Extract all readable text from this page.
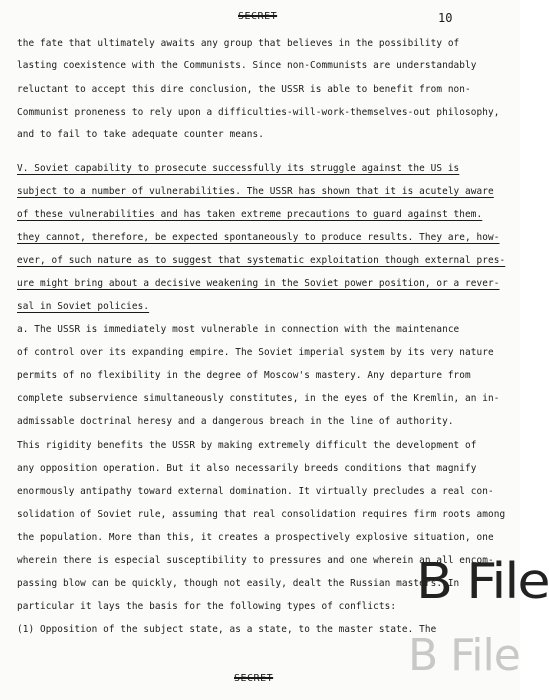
SECRET	10
the fate that ultimately awaits any group that believes in the possibility of
lasting coexistence with the Communists. Since non-Communists are understandably
reluctant to accept this dire conclusion, the USSR is able to benefit from non-
Communist proneness to rely upon a difficulties-will-work-themselves-out philosophy,
and to fail to take adequate counter means.
V. Soviet capability to prosecute successfully its struggle against the US is
subject to a number of vulnerabilities. The USSR has shown that it is acutely aware
of these vulnerabilities and has taken extreme precautions to guard against them.
they cannot, therefore, be expected spontaneously to produce results. They are, how-
ever, of such nature as to suggest that systematic exploitation though external pres-
ure might bring about a decisive weakening in the Soviet power position, or a rever-
sal in Soviet policies.
a. The USSR is immediately most vulnerable in connection with the maintenance
of control over its expanding empire. The Soviet imperial system by its very nature
permits of no flexibility in the degree of Moscow's mastery. Any departure from
complete subservience simultaneously constitutes, in the eyes of the Kremlin, an in-
admissable doctrinal heresy and a dangerous breach in the line of authority.
This rigidity benefits the USSR by making extremely difficult the development of
any opposition operation. But it also necessarily breeds conditions that magnify
enormously antipathy toward external domination. It virtually precludes a real con-
solidation of Soviet rule, assuming that real consolidation requires firm roots among
the population. More than this, it creates a prospectively explosive situation, one
wherein there is especial susceptibility to pressures and one wherein an all encom-
passing blow can be quickly, though not easily, dealt the Russian masters. In
particular it lays the basis for the following types of conflicts:
(1) Opposition of the subject state, as a state, to the master state. The
SECRET
B File
B File
